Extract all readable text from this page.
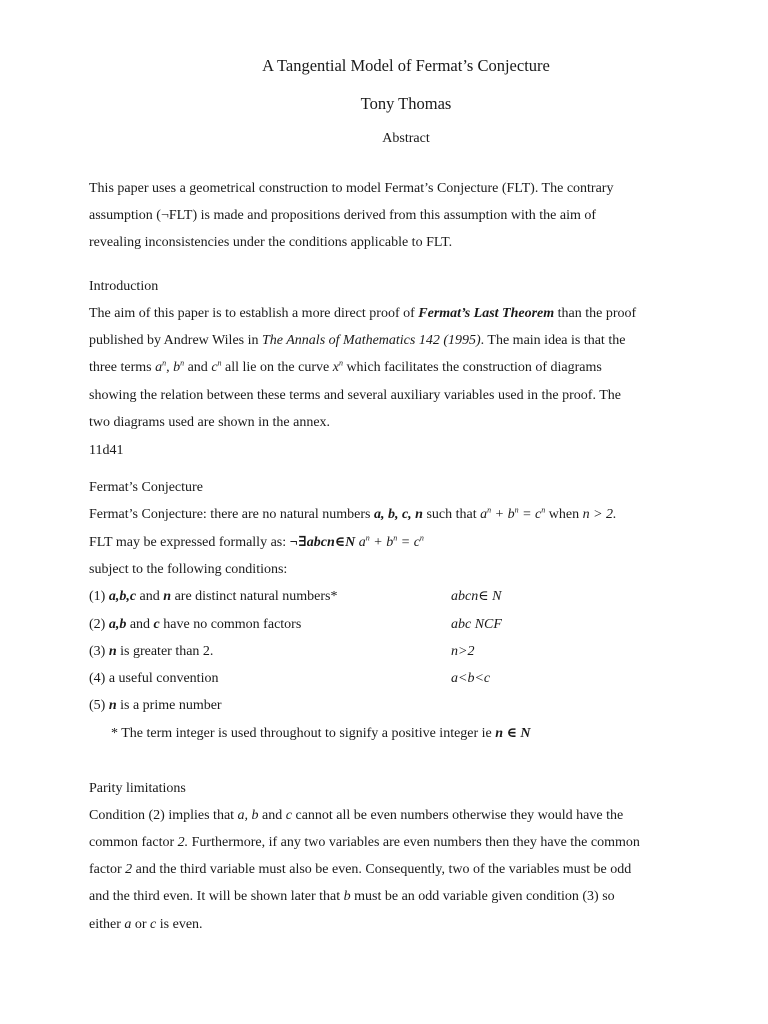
A Tangential Model of Fermat’s Conjecture
Tony Thomas
Abstract

This paper uses a geometrical construction to model Fermat’s Conjecture (FLT). The contrary

assumption (¬FLT) is made and propositions derived from this assumption with the aim of

revealing inconsistencies under the conditions applicable to FLT.

Introduction

The aim of this paper is to establish a more direct proof of Fermat’s Last Theorem than the proof

published by Andrew Wiles in The Annals of Mathematics 142 (1995). The main idea is that the

three terms $a^n$, $b^n$ and $c^n$ all lie on the curve $x^n$ which facilitates the construction of diagrams

showing the relation between these terms and several auxiliary variables used in the proof. The

two diagrams used are shown in the annex.

11d41

Fermat’s Conjecture

Fermat’s Conjecture: there are no natural numbers a, b, c, n such that $a^n + b^n = c^n$ when n > 2.

FLT may be expressed formally as: ¬∃abcn∈N $a^n + b^n = c^n$

subject to the following conditions:

(1) a,b,c and n are distinct natural numbers*	abcn∈ N

(2) a,b and c have no common factors	abc NCF

(3) n is greater than 2.	n>2

(4) a useful convention	a<b<c

(5) n is a prime number

* The term integer is used throughout to signify a positive integer ie n ∈ N

Parity limitations

Condition (2) implies that a, b and c cannot all be even numbers otherwise they would have the

common factor 2. Furthermore, if any two variables are even numbers then they have the common

factor 2 and the third variable must also be even. Consequently, two of the variables must be odd

and the third even. It will be shown later that b must be an odd variable given condition (3) so

either a or c is even.
